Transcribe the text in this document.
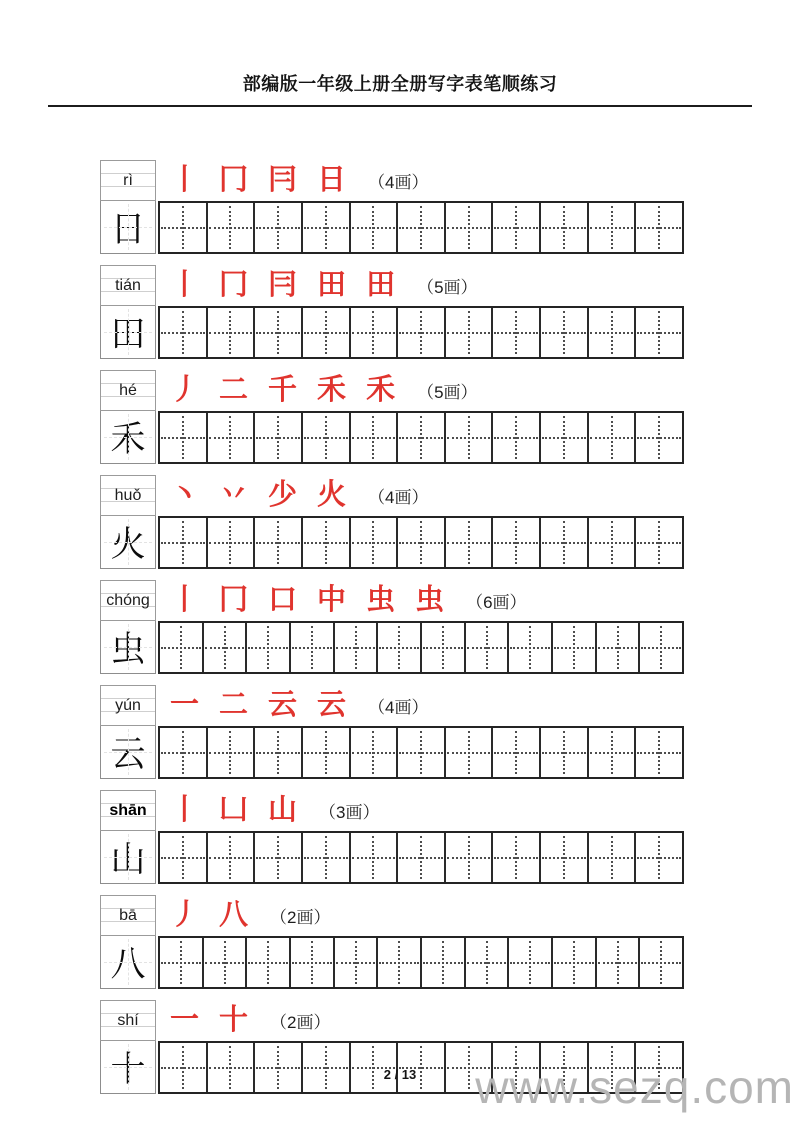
部编版一年级上册全册写字表笔顺练习
rì	丨 冂 冃 日 （4画）
日
tián	丨 冂 冃 田 田 （5画）
田
hé	丿 二 千 禾 禾 （5画）
禾
huǒ 丶 丷 少 火 （4画）
火
chóng 丨 冂 口 中 虫 虫 （6画）
虫
yún	一 二 云 云 （4画）
云
shān 丨 凵 山 （3画）
山
bā	丿 八 （2画）
八
shí	一 十 （2画）
十	2 / 13	www.sezq.com
